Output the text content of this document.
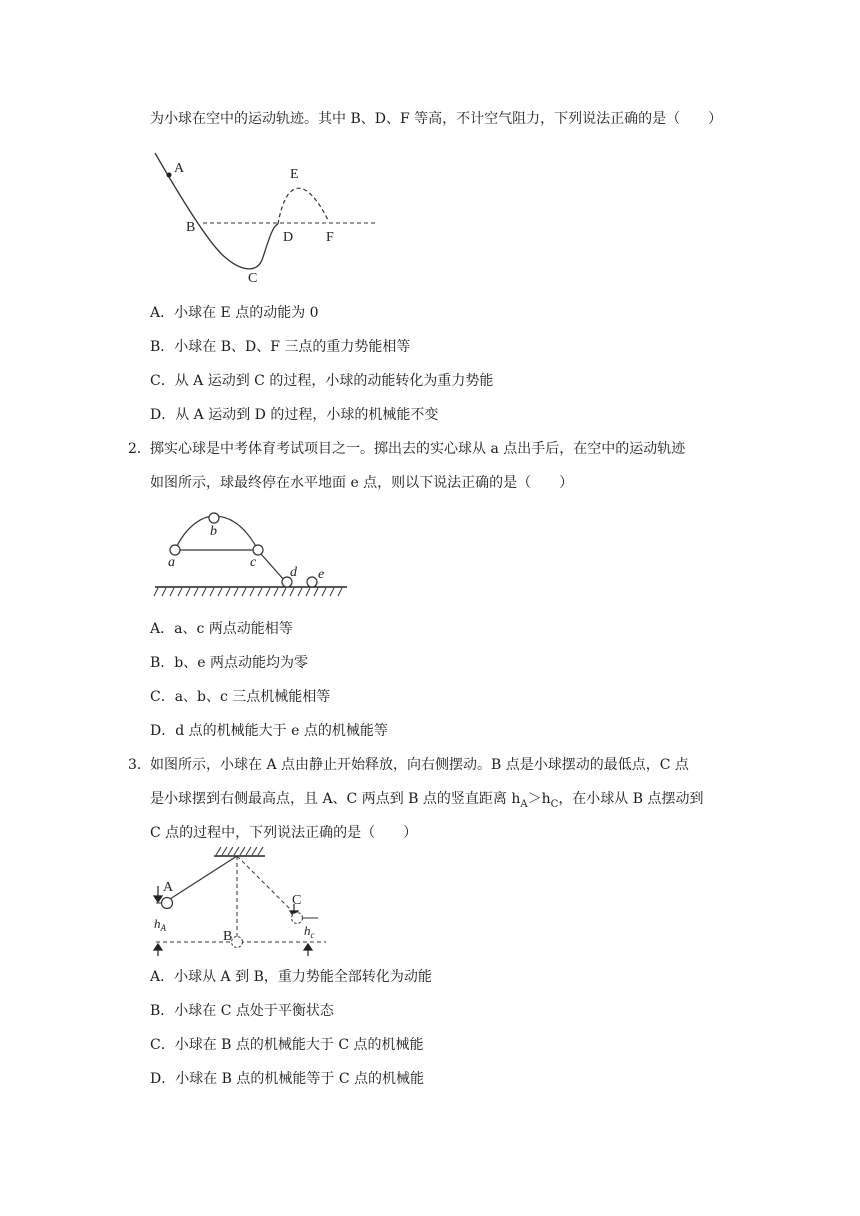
为小球在空中的运动轨迹。其中 B、D、F 等高，不计空气阻力，下列说法正确的是（　　）
A
B
C
D
E
F
A．小球在 E 点的动能为 0
B．小球在 B、D、F 三点的重力势能相等
C．从 A 运动到 C 的过程，小球的动能转化为重力势能
D．从 A 运动到 D 的过程，小球的机械能不变
2． 掷实心球是中考体育考试项目之一。掷出去的实心球从 a 点出手后，在空中的运动轨迹
如图所示，球最终停在水平地面 e 点，则以下说法正确的是（　　）
a
b
c
d e
A．a、c 两点动能相等
B．b、e 两点动能均为零
C．a、b、c 三点机械能相等
D．d 点的机械能大于 e 点的机械能等
3． 如图所示，小球在 A 点由静止开始释放，向右侧摆动。B 点是小球摆动的最低点，C 点
是小球摆到右侧最高点，且 A、C 两点到 B 点的竖直距离 $h_A>h_C$，在小球从 B 点摆动到
C 点的过程中，下列说法正确的是（　　）
A
B
C
$h_A$	$h_c$
A．小球从 A 到 B，重力势能全部转化为动能
B．小球在 C 点处于平衡状态
C．小球在 B 点的机械能大于 C 点的机械能
D．小球在 B 点的机械能等于 C 点的机械能
